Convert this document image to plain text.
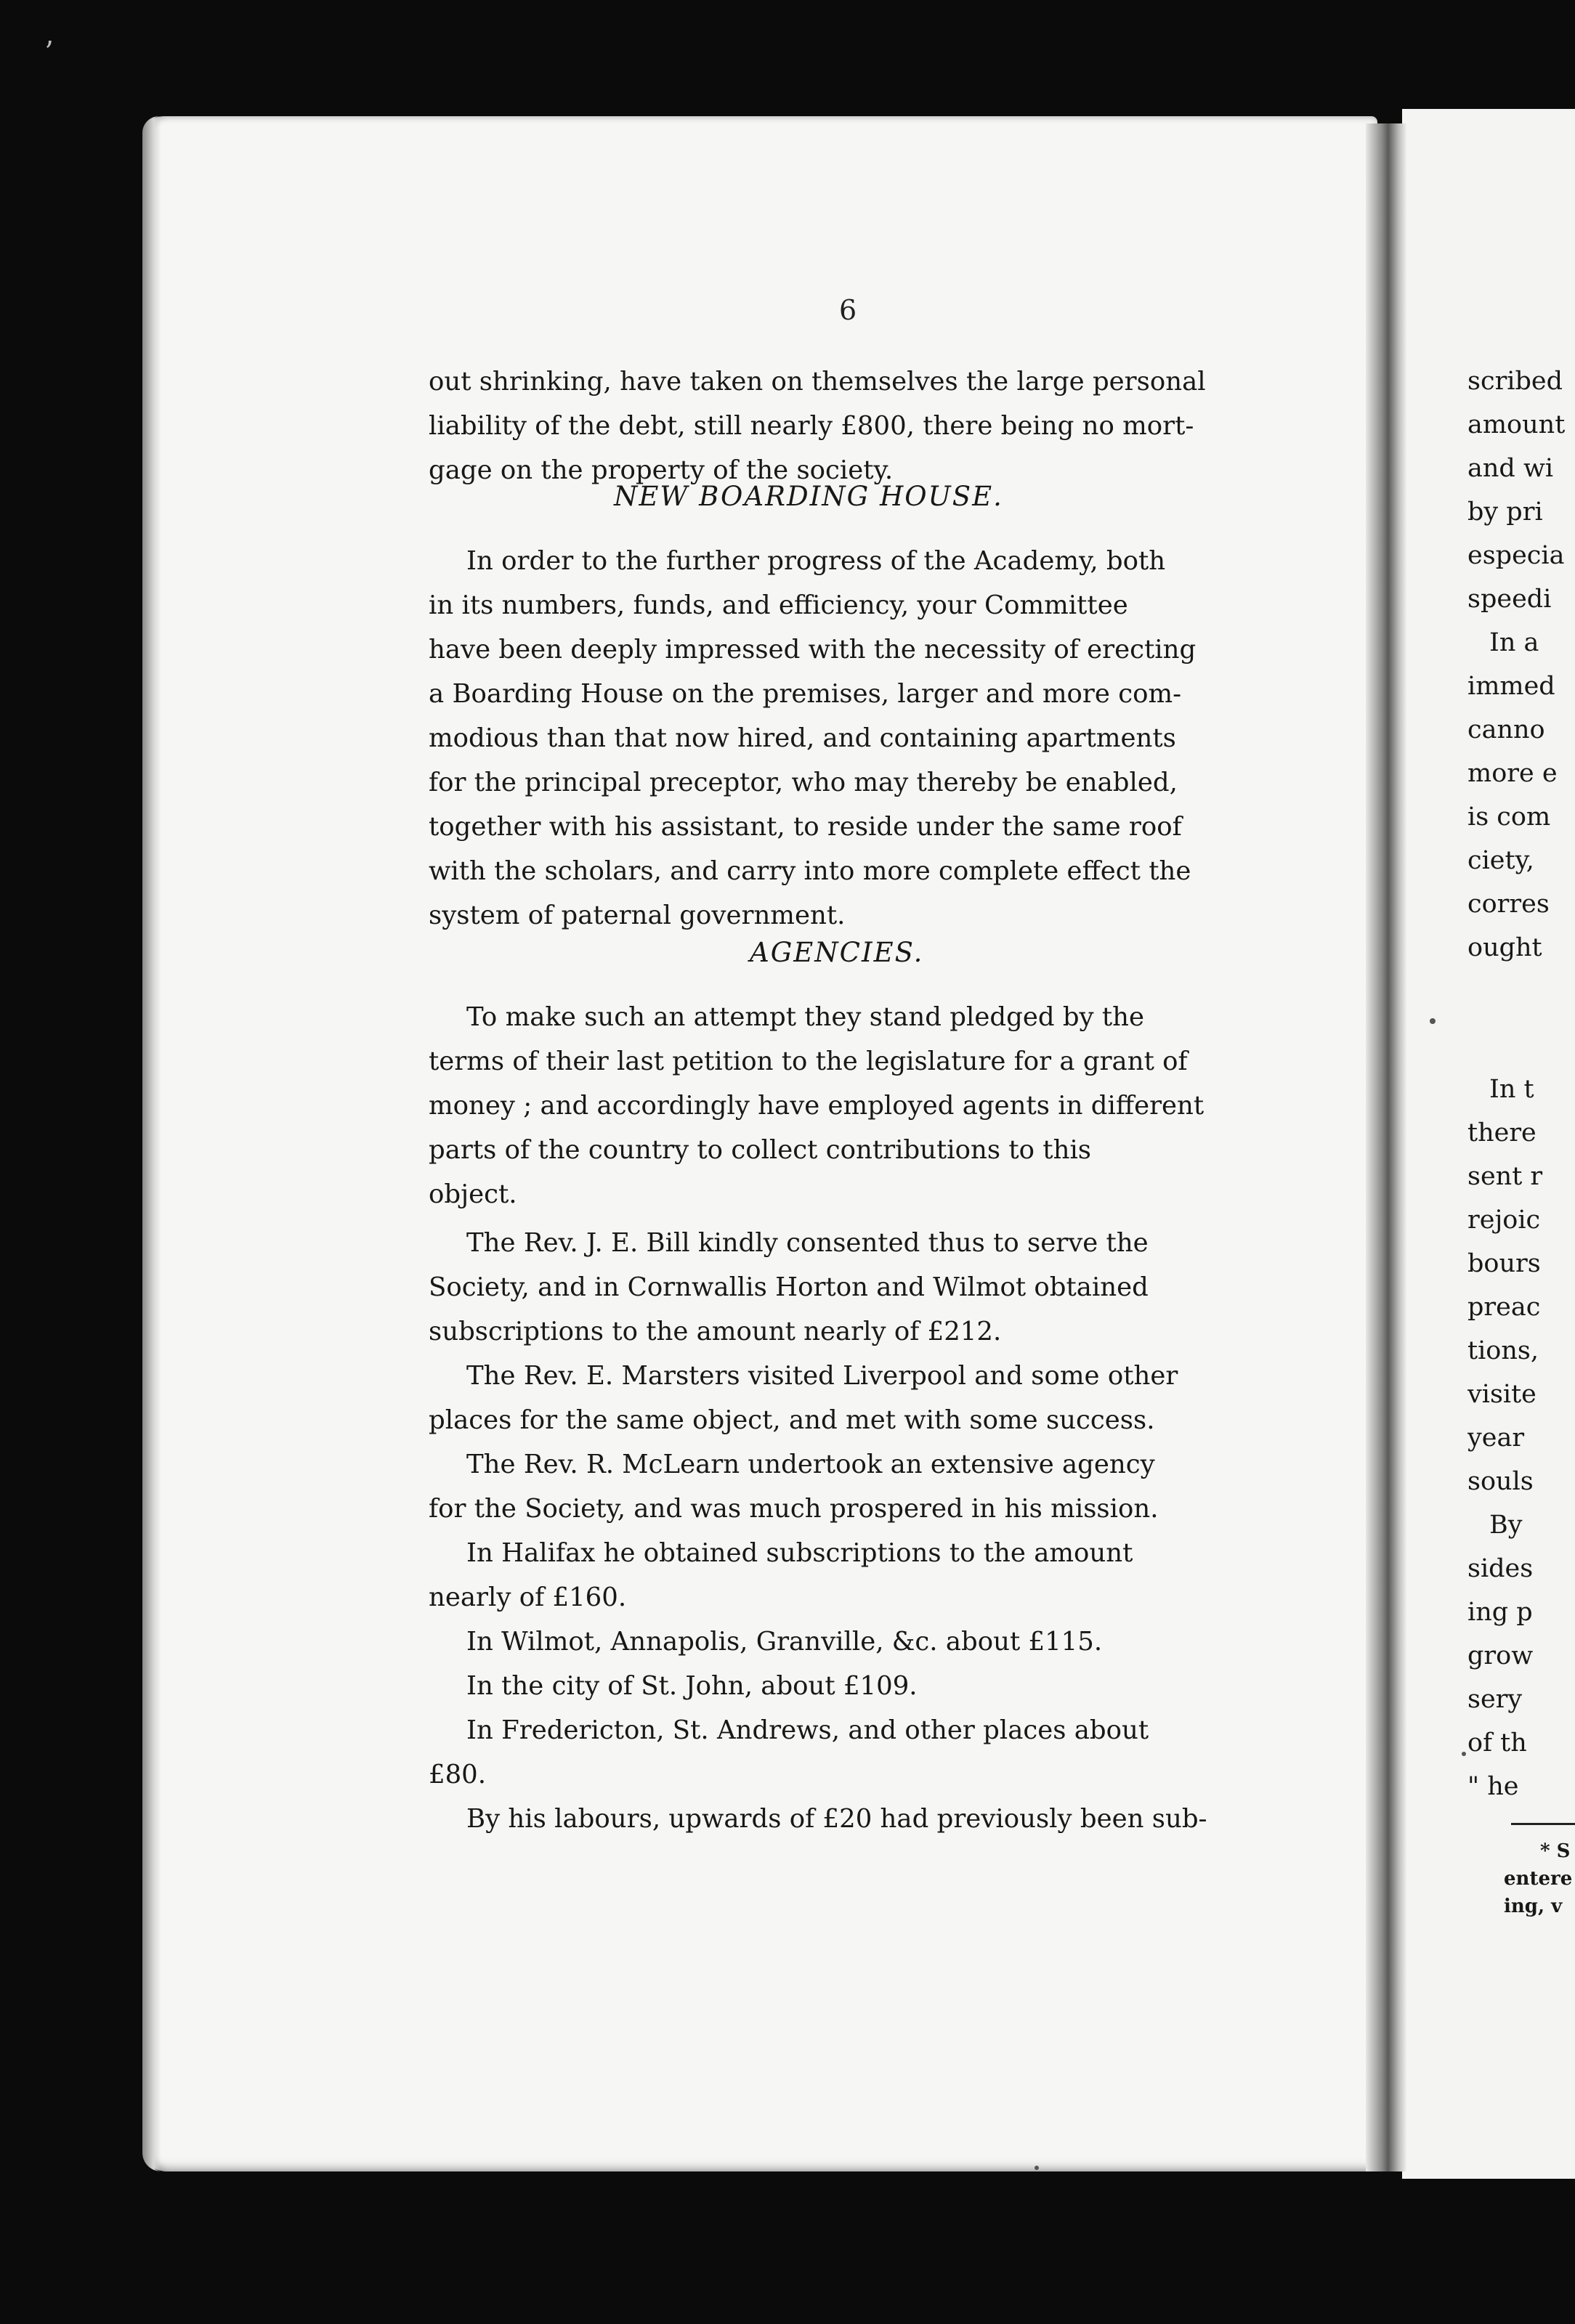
ʼ
6
out shrinking, have taken on themselves the large personal
liability of the debt, still nearly £800, there being no mort-
gage on the property of the society.
NEW BOARDING HOUSE.
In order to the further progress of the Academy, both
in its numbers, funds, and efficiency, your Committee
have been deeply impressed with the necessity of erecting
a Boarding House on the premises, larger and more com-
modious than that now hired, and containing apartments
for the principal preceptor, who may thereby be enabled,
together with his assistant, to reside under the same roof
with the scholars, and carry into more complete effect the
system of paternal government.
AGENCIES.
To make such an attempt they stand pledged by the
terms of their last petition to the legislature for a grant of
money ; and accordingly have employed agents in different
parts of the country to collect contributions to this
object.
The Rev. J. E. Bill kindly consented thus to serve the
Society, and in Cornwallis Horton and Wilmot obtained
subscriptions to the amount nearly of £212.
The Rev. E. Marsters visited Liverpool and some other
places for the same object, and met with some success.
The Rev. R. McLearn undertook an extensive agency
for the Society, and was much prospered in his mission.
In Halifax he obtained subscriptions to the amount
nearly of £160.
In Wilmot, Annapolis, Granville, &c. about £115.
In the city of St. John, about £109.
In Fredericton, St. Andrews, and other places about
£80.
By his labours, upwards of £20 had previously been sub-
scribed
amount
and wi
by pri
especia
speedi
In a
immed
canno
more e
is com
ciety,
corres
ought
In t
there
sent r
rejoic
bours
preac
tions,
visite
year
souls
By
sides
ing p
grow
sery
of th
" he
* S
entere
ing, v
